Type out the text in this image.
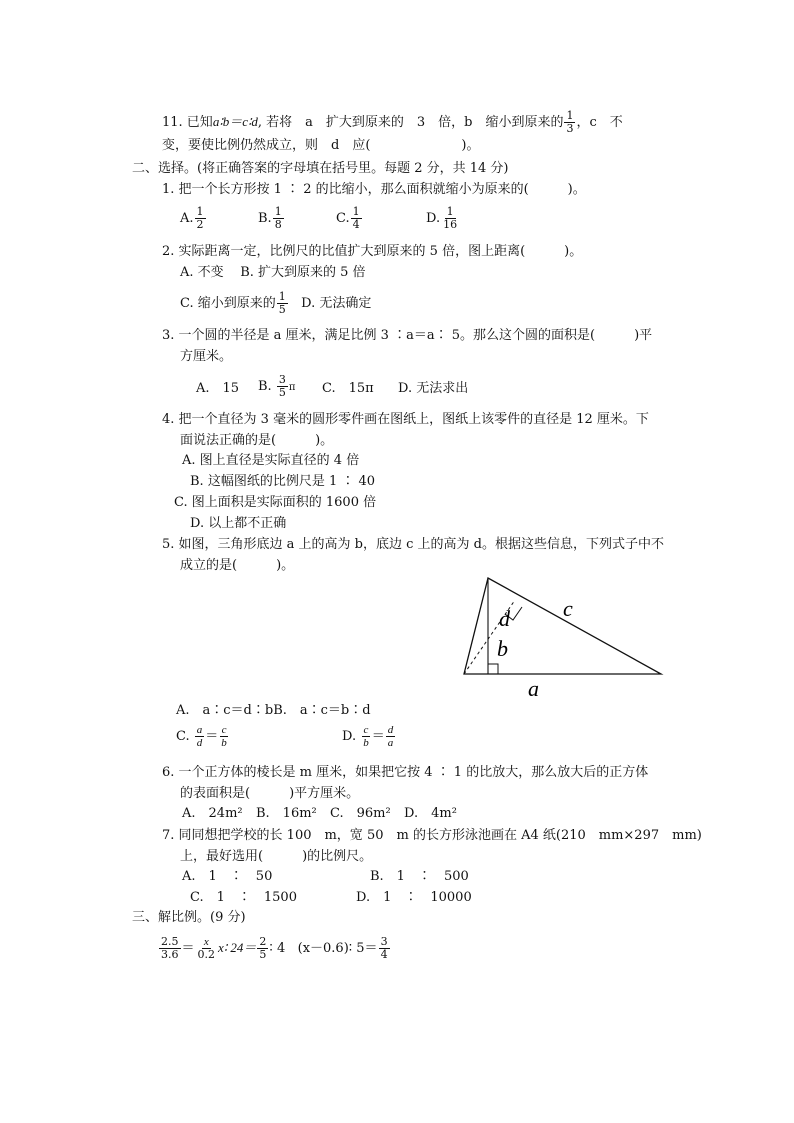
11. 已知a∶b＝c∶d, 若将　a　扩大到原来的　3　倍，b　缩小到原来的 $\frac{1}{3}$ ，c　不
变，要使比例仍然成立，则　d　应(　　　　　　　)。
二、选择。(将正确答案的字母填在括号里。每题 2 分，共 14 分)
1. 把一个长方形按 1 ∶ 2 的比缩小，那么面积就缩小为原来的(　　　)。
A. $\frac{1}{2}$	B. $\frac{1}{8}$	C. $\frac{1}{4}$	D. $\frac{1}{16}$
2. 实际距离一定，比例尺的比值扩大到原来的 5 倍，图上距离(　　　)。
A. 不变 B. 扩大到原来的 5 倍
C. 缩小到原来的 $\frac{1}{5} D$. 无法确定
3. 一个圆的半径是 a 厘米，满足比例 3 ∶a＝a∶ 5。那么这个圆的面积是(　　　)平
方厘米。
A.　15 B. $\frac{3}{5}$ π C.　15π D. 无法求出
4. 把一个直径为 3 毫米的圆形零件画在图纸上，图纸上该零件的直径是 12 厘米。下
面说法正确的是(　　　)。
A. 图上直径是实际直径的 4 倍
B. 这幅图纸的比例尺是 1 ∶ 40
C. 图上面积是实际面积的 1600 倍
D. 以上都不正确
5. 如图，三角形底边 a 上的高为 b，底边 c 上的高为 d。根据这些信息，下列式子中不
成立的是(　　　)。
c
d
b
a
A.　a∶c＝d∶bB.　a∶c＝b∶d
C. $\frac{a}{d} = \frac{c}{b}$	D. $\frac{c}{b} = \frac{d}{a}$
6. 一个正方体的棱长是 m 厘米，如果把它按 4 ∶ 1 的比放大，那么放大后的正方体
的表面积是(　　　)平方厘米。
A.　24m² B.　16m² C.　96m² D.　4m²
7. 同同想把学校的长 100　m，宽 50　m 的长方形泳池画在 A4 纸(210　mm×297　mm)
上，最好选用(　　　)的比例尺。
A.　1　∶　50	B.　1　∶　500
C.　1　∶　1500	D.　1　∶　10000
三、解比例。(9 分)
$\frac{2.5}{3.6} = \frac{x}{0.2}$ x∶ $24= \frac{2}{5}$ ∶ 4 (x－0.6)∶ $5= \frac{3}{4}$
